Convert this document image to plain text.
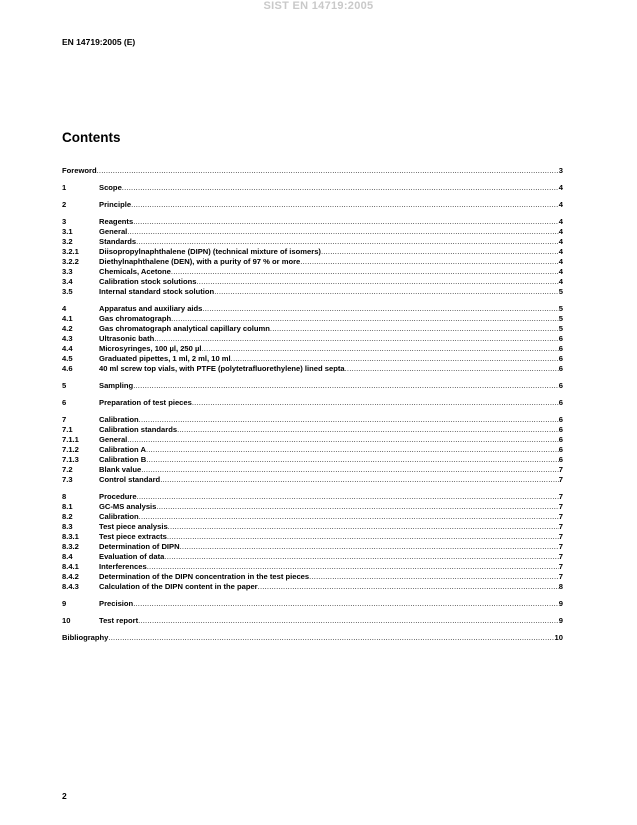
SIST EN 14719:2005
EN 14719:2005 (E)
Contents
Foreword .....	3
1	Scope .....	4
2	Principle .....	4
3	Reagents .....	4
3.1	General .....	4
3.2	Standards .....	4
3.2.1	Diisopropylnaphthalene (DIPN) (technical mixture of isomers) .....	4
3.2.2	Diethylnaphthalene (DEN), with a purity of 97 % or more .....	4
3.3	Chemicals, Acetone .....	4
3.4	Calibration stock solutions .....	4
3.5	Internal standard stock solution .....	5
4	Apparatus and auxiliary aids .....	5
4.1	Gas chromatograph .....	5
4.2	Gas chromatograph analytical capillary column .....	5
4.3	Ultrasonic bath .....	6
4.4	Microsyringes, 100 µl, 250 µl .....	6
4.5	Graduated pipettes, 1 ml, 2 ml, 10 ml .....	6
4.6	40 ml screw top vials, with PTFE (polytetrafluorethylene) lined septa .....	6
5	Sampling .....	6
6	Preparation of test pieces .....	6
7	Calibration .....	6
7.1	Calibration standards .....	6
7.1.1	General .....	6
7.1.2	Calibration A .....	6
7.1.3	Calibration B .....	6
7.2	Blank value .....	7
7.3	Control standard .....	7
8	Procedure .....	7
8.1	GC-MS analysis .....	7
8.2	Calibration .....	7
8.3	Test piece analysis .....	7
8.3.1	Test piece extracts .....	7
8.3.2	Determination of DIPN .....	7
8.4	Evaluation of data .....	7
8.4.1	Interferences .....	7
8.4.2	Determination of the DIPN concentration in the test pieces .....	7
8.4.3	Calculation of the DIPN content in the paper .....	8
9	Precision .....	9
10	Test report .....	9
Bibliography .....	10
2
